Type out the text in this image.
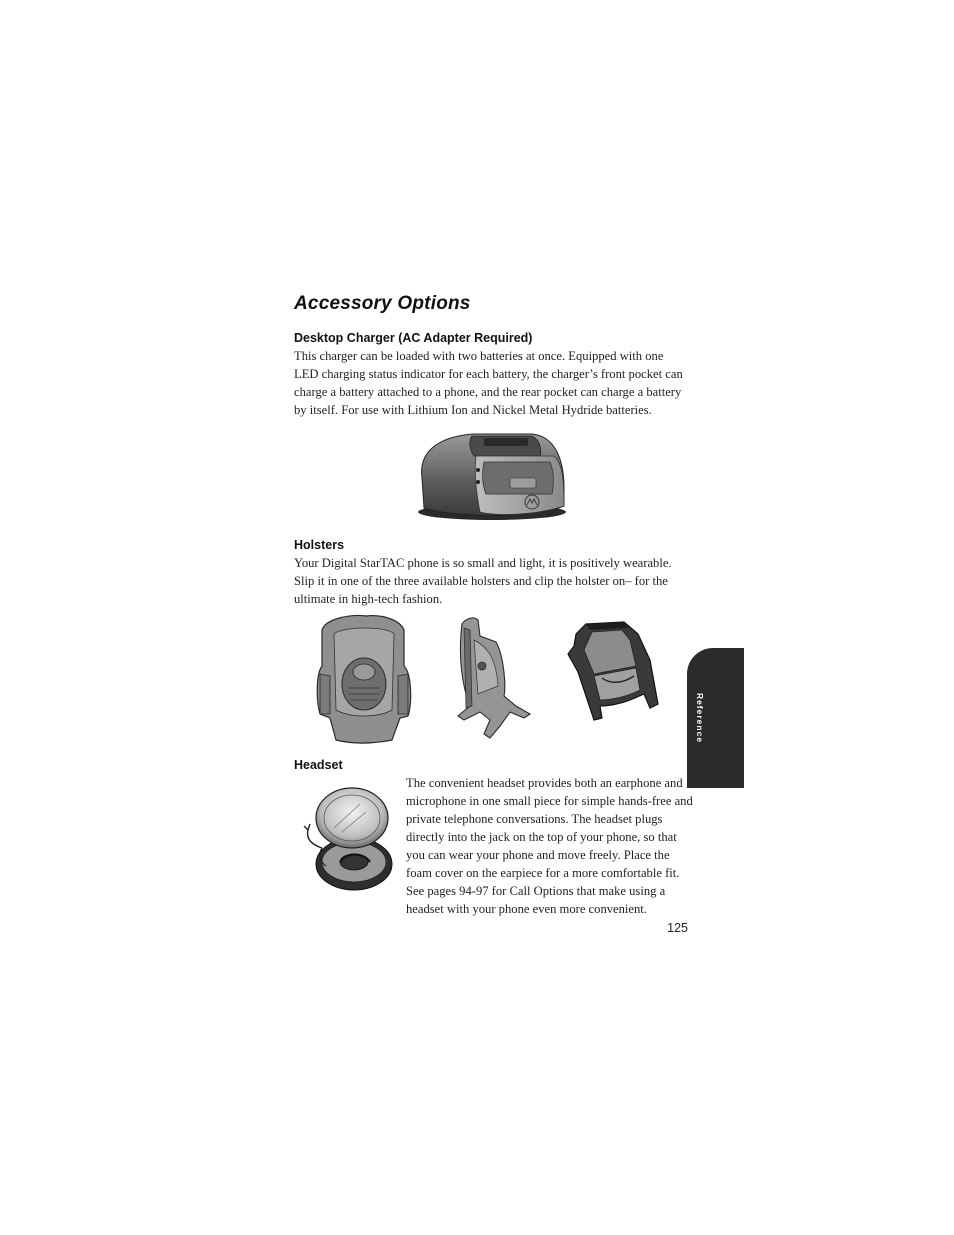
Accessory Options
Desktop Charger (AC Adapter Required)

This charger can be loaded with two batteries at once. Equipped with one LED charging status indicator for each battery, the charger’s front pocket can charge a battery attached to a phone, and the rear pocket can charge a battery by itself. For use with Lithium Ion and Nickel Metal Hydride batteries.

Holsters

Your Digital StarTAC phone is so small and light, it is positively wearable. Slip it in one of the three available holsters and clip the holster on– for the ultimate in high-tech fashion.

Headset

The convenient headset provides both an earphone and microphone in one small piece for simple hands-free and private telephone conversations. The headset plugs directly into the jack on the top of your phone, so that you can wear your phone and move freely. Place the foam cover on the earpiece for a more comfortable fit. See pages 94-97 for Call Options that make using a headset with your phone even more convenient.

Reference

125
